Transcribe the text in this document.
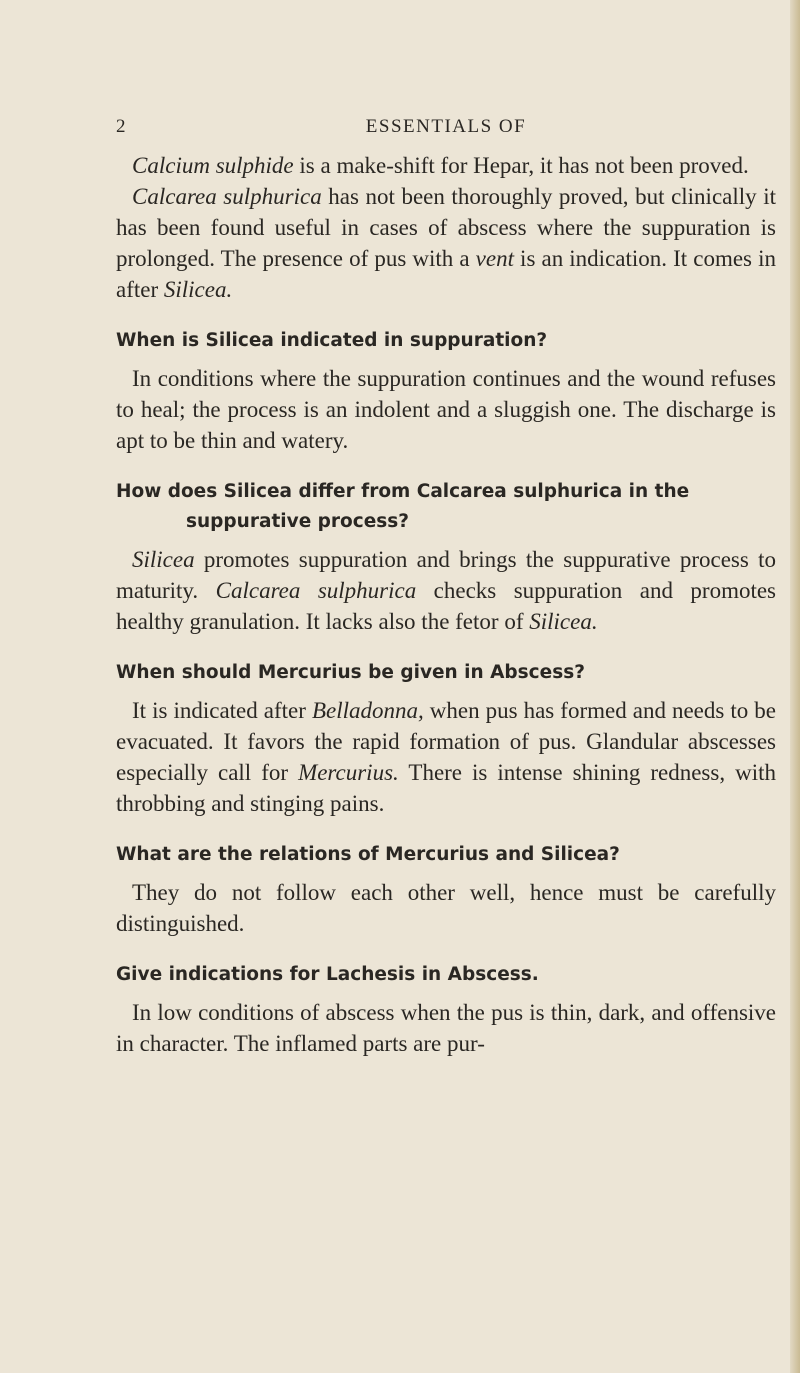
2	ESSENTIALS OF

Calcium sulphide is a make-shift for Hepar, it has not been proved.

Calcarea sulphurica has not been thoroughly proved, but clinically it has been found useful in cases of abscess where the suppuration is prolonged. The presence of pus with a vent is an indication. It comes in after Silicea.

When is Silicea indicated in suppuration?

In conditions where the suppuration continues and the wound refuses to heal; the process is an indolent and a sluggish one. The discharge is apt to be thin and watery.

How does Silicea differ from Calcarea sulphurica in the suppurative process?

Silicea promotes suppuration and brings the suppurative process to maturity. Calcarea sulphurica checks suppuration and promotes healthy granulation. It lacks also the fetor of Silicea.

When should Mercurius be given in Abscess?

It is indicated after Belladonna, when pus has formed and needs to be evacuated. It favors the rapid formation of pus. Glandular abscesses especially call for Mercurius. There is intense shining redness, with throbbing and stinging pains.

What are the relations of Mercurius and Silicea?

They do not follow each other well, hence must be carefully distinguished.

Give indications for Lachesis in Abscess.

In low conditions of abscess when the pus is thin, dark, and offensive in character. The inflamed parts are pur-
